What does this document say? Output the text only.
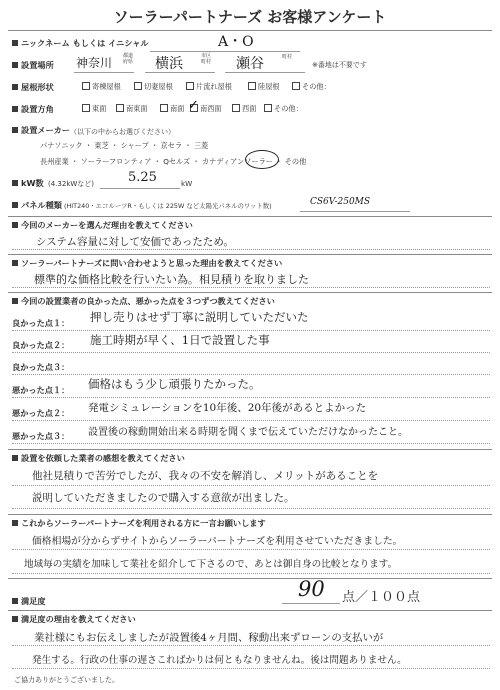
ソーラーパートナーズ お客様アンケート
ニックネーム もしくは イニシャル	A・O
設置場所 神奈川 都道府県 横浜	市区町村 瀬谷	町村
※番地は不要です
屋根形状	寄棟屋根	切妻屋根	片流れ屋根	陸屋根	その他：
設置方角	東面	南東面	南面	南西面
✓	西面	その他：
設置メーカー （以下の中からお選びください）
パナソニック ・ 東芝 ・ シャープ ・ 京セラ ・ 三菱
長州産業 ・ ソーラーフロンティア ・ Qセルズ ・ カナディアンソーラー ・ その他
kW数 (4.32kWなど)	5.25	kW
パネル種類 (HIT240・エコルーツR・もしくは 225W など太陽光パネルのワット数)	CS6V-250MS
今回のメーカーを選んだ理由を教えてください
システム容量に対して安価であったため。
ソーラーパートナーズに問い合わせようと思った理由を教えてください
標準的な価格比較を行いたい為。相見積りを取りました
今回の設置業者の良かった点、悪かった点を３つずつ教えてください
良かった点１： 押し売りはせず丁寧に説明していただいた
良かった点２： 施工時期が早く、1日で設置した事
良かった点３：
悪かった点１： 価格はもう少し頑張りたかった。
悪かった点２： 発電シミュレーションを10年後、20年後があるとよかった
悪かった点３： 設置後の稼動開始出来る時期を聞くまで伝えていただけなかったこと。
設置を依頼した業者の感想を教えてください
他社見積りで苦労でしたが、我々の不安を解消し、メリットがあることを
説明していただきましたので購入する意欲が出ました。
これからソーラーパートナーズを利用される方に一言お願いします
価格相場が分からずサイトからソーラーパートナーズを利用させていただきました。
地域毎の実績を加味して業社を紹介して下さるので、あとは御自身の比較となります。
満足度	90 点／１００点
満足度の理由を教えてください
業社様にもお伝えしましたが設置後4ヶ月間、稼動出来ずローンの支払いが
発生する。行政の仕事の遅さこればかりは何ともなりませんね。後は問題ありません。
ご協力ありがとうございました。
